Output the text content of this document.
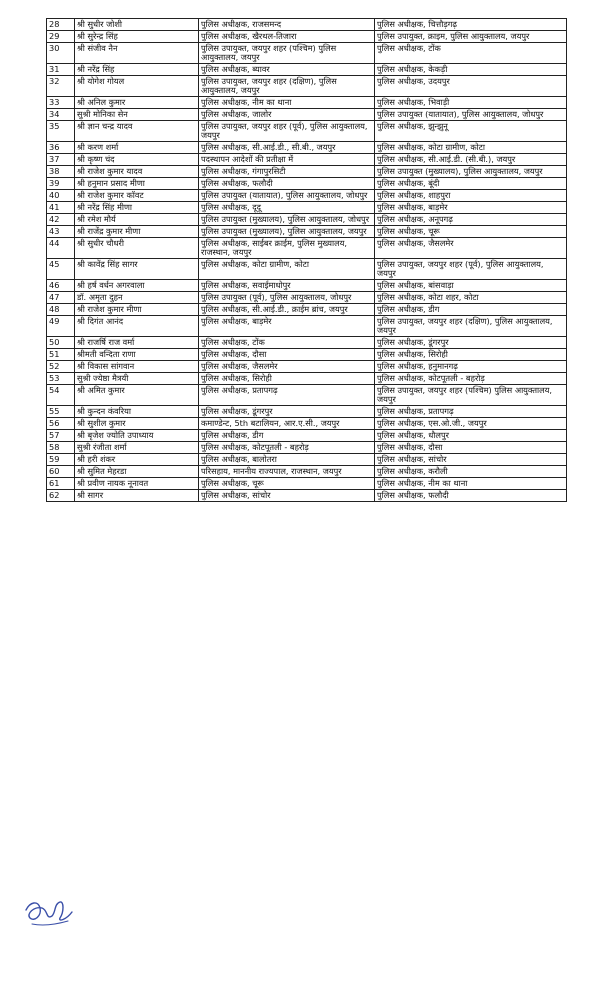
28	श्री सुधीर जोशी	पुलिस अधीक्षक, राजसमन्द	पुलिस अधीक्षक, चित्तौड़गढ़
29	श्री सुरेन्द्र सिंह	पुलिस अधीक्षक, खैरथल-तिजारा	पुलिस उपायुक्त, क्राइम, पुलिस आयुक्तालय, जयपुर
30	श्री संजीव नैन	पुलिस उपायुक्त, जयपुर शहर (पश्चिम) पुलिस आयुक्तालय, जयपुर	पुलिस अधीक्षक, टोंक
31	श्री नरेंद्र सिंह	पुलिस अधीक्षक, ब्यावर	पुलिस अधीक्षक, केकड़ी
32	श्री योगेश गोयल	पुलिस उपायुक्त, जयपुर शहर (दक्षिण), पुलिस आयुक्तालय, जयपुर	पुलिस अधीक्षक, उदयपुर
33	श्री अनिल कुमार	पुलिस अधीक्षक, नीम का थाना	पुलिस अधीक्षक, भिवाड़ी
34	सुश्री मोनिका सेन	पुलिस अधीक्षक, जालोर	पुलिस उपायुक्त (यातायात), पुलिस आयुक्तालय, जोधपुर
35	श्री ज्ञान चन्द्र यादव	पुलिस उपायुक्त, जयपुर शहर (पूर्व), पुलिस आयुक्तालय, जयपुर	पुलिस अधीक्षक, झुन्झुनू
36	श्री करण शर्मा	पुलिस अधीक्षक, सी.आई.डी., सी.बी., जयपुर	पुलिस अधीक्षक, कोटा ग्रामीण, कोटा
37	श्री कृष्ण चंद	पदस्थापन आदेशों की प्रतीक्षा में	पुलिस अधीक्षक, सी.आई.डी. (सी.बी.), जयपुर
38	श्री राजेश कुमार यादव	पुलिस अधीक्षक, गंगापुरसिटी	पुलिस उपायुक्त (मुख्यालय), पुलिस आयुक्तालय, जयपुर
39	श्री हनुमान प्रसाद मीणा	पुलिस अधीक्षक, फलौदी	पुलिस अधीक्षक, बूंदी
40	श्री राजेश कुमार कॉवट	पुलिस उपायुक्त (यातायात), पुलिस आयुक्तालय, जोधपुर	पुलिस अधीक्षक, शाहपुरा
41	श्री नरेंद्र सिंह मीणा	पुलिस अधीक्षक, दूदू	पुलिस अधीक्षक, बाड़मेर
42	श्री रमेश मौर्य	पुलिस उपायुक्त (मुख्यालय), पुलिस आयुक्तालय, जोधपुर	पुलिस अधीक्षक, अनूपगढ़
43	श्री राजेंद्र कुमार मीणा	पुलिस उपायुक्त (मुख्यालय), पुलिस आयुक्तालय, जयपुर	पुलिस अधीक्षक, चूरू
44	श्री सुधीर चौधरी	पुलिस अधीक्षक, साईबर क्राईम, पुलिस मुख्यालय, राजस्थान, जयपुर	पुलिस अधीक्षक, जैसलमेर
45	श्री कावेंद्र सिंह सागर	पुलिस अधीक्षक, कोटा ग्रामीण, कोटा	पुलिस उपायुक्त, जयपुर शहर (पूर्व), पुलिस आयुक्तालय, जयपुर
46	श्री हर्ष वर्धन अगरवाला	पुलिस अधीक्षक, सवाईमाधोपुर	पुलिस अधीक्षक, बांसवाड़ा
47	डॉ. अमृता दुहन	पुलिस उपायुक्त (पूर्व), पुलिस आयुक्तालय, जोधपुर	पुलिस अधीक्षक, कोटा शहर, कोटा
48	श्री राजेश कुमार मीणा	पुलिस अधीक्षक, सी.आई.डी., क्राईम ब्रांच, जयपुर	पुलिस अधीक्षक, डीग
49	श्री दिगंत आनंद	पुलिस अधीक्षक, बाड़मेर	पुलिस उपायुक्त, जयपुर शहर (दक्षिण), पुलिस आयुक्तालय, जयपुर
50	श्री राजर्षि राज वर्मा	पुलिस अधीक्षक, टोंक	पुलिस अधीक्षक, डूंगरपुर
51	श्रीमती वन्दिता राणा	पुलिस अधीक्षक, दौसा	पुलिस अधीक्षक, सिरोही
52	श्री विकास सांगवान	पुलिस अधीक्षक, जैसलमेर	पुलिस अधीक्षक, हनुमानगढ़
53	सुश्री ज्येष्ठा मैत्रयी	पुलिस अधीक्षक, सिरोही	पुलिस अधीक्षक, कोटपूतली - बहरोड़
54	श्री अमित कुमार	पुलिस अधीक्षक, प्रतापगढ़	पुलिस उपायुक्त, जयपुर शहर (पश्चिम) पुलिस आयुक्तालय, जयपुर
55	श्री कुन्दन कंवरिया	पुलिस अधीक्षक, डूंगरपुर	पुलिस अधीक्षक, प्रतापगढ़
56	श्री सुशील कुमार	कमाण्डेन्ट, 5th बटालियन, आर.ए.सी., जयपुर	पुलिस अधीक्षक, एस.ओ.जी., जयपुर
57	श्री बृजेश ज्योति उपाध्याय	पुलिस अधीक्षक, डीग	पुलिस अधीक्षक, धौलपुर
58	सुश्री रंजीता शर्मा	पुलिस अधीक्षक, कोटपूतली - बहरोड़	पुलिस अधीक्षक, दौसा
59	श्री हरी शंकर	पुलिस अधीक्षक, बालोतरा	पुलिस अधीक्षक, सांचोर
60	श्री सुमित मेहरडा	परिसहाय, माननीय राज्यपाल, राजस्थान, जयपुर	पुलिस अधीक्षक, करौली
61	श्री प्रवीण नायक नूनावत	पुलिस अधीक्षक, चूरू	पुलिस अधीक्षक, नीम का थाना
62	श्री सागर	पुलिस अधीक्षक, सांचोर	पुलिस अधीक्षक, फलौदी
